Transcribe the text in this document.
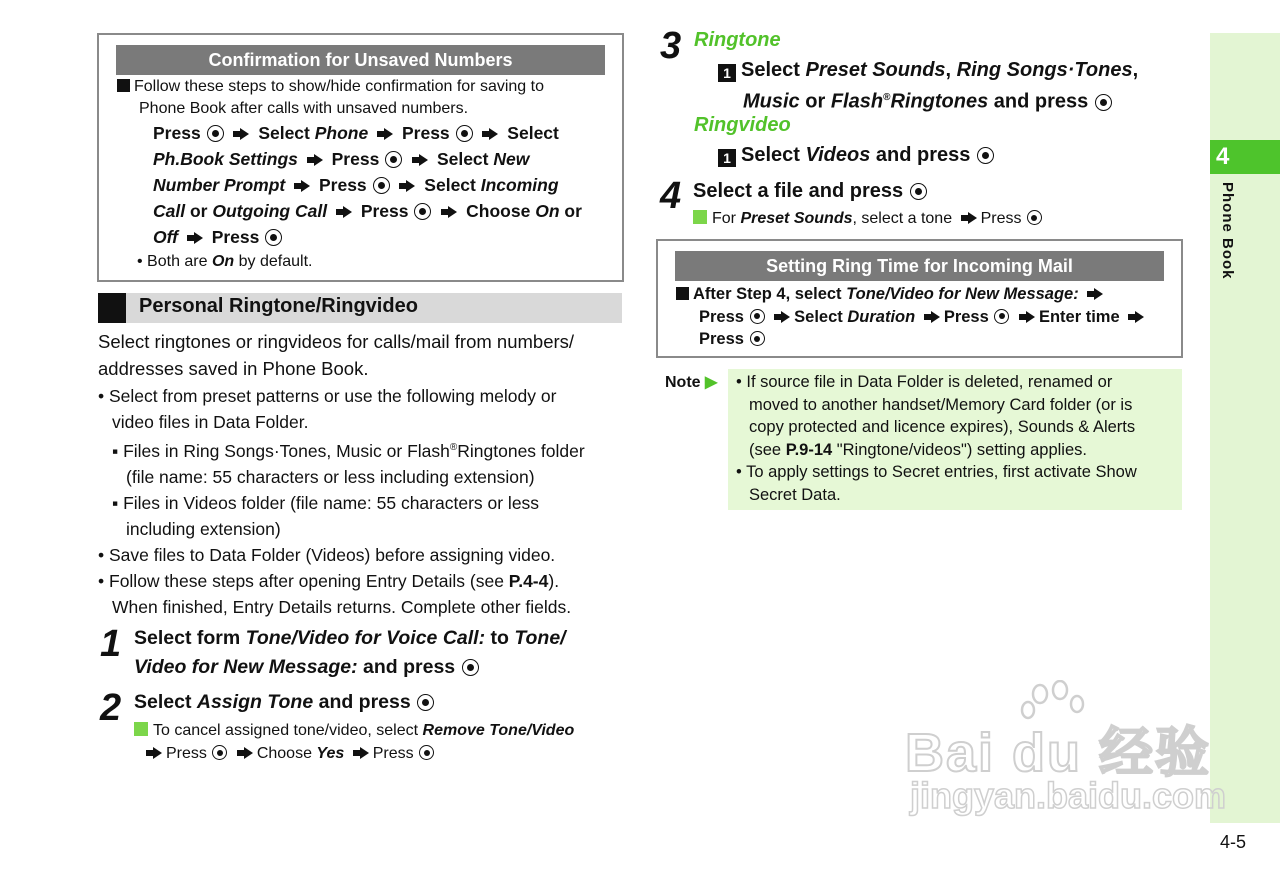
4
Phone Book
4-5
Confirmation for Unsaved Numbers
Follow these steps to show/hide confirmation for saving to
Phone Book after calls with unsaved numbers.
Press	Select Phone Press	Select
Ph.Book Settings Press	Select New
Number Prompt Press	Select Incoming
Call or Outgoing Call Press	Choose On or
Off Press
• Both are On by default.
Personal Ringtone/Ringvideo
Select ringtones or ringvideos for calls/mail from numbers/
addresses saved in Phone Book.
• Select from preset patterns or use the following melody or
video files in Data Folder.
▪ Files in Ring Songs·Tones, Music or Flash®Ringtones folder
(file name: 55 characters or less including extension)
▪ Files in Videos folder (file name: 55 characters or less
including extension)
• Save files to Data Folder (Videos) before assigning video.
• Follow these steps after opening Entry Details (see P.4-4).
When finished, Entry Details returns. Complete other fields.
1 Select form Tone/Video for Voice Call: to Tone/
Video for New Message: and press
2 Select Assign Tone and press
To cancel assigned tone/video, select Remove Tone/Video
Press	Choose Yes Press
3 Ringtone
1 Select Preset Sounds, Ring Songs·Tones,
Music or Flash®Ringtones and press
Ringvideo
1 Select Videos and press
4 Select a file and press
For Preset Sounds, select a tone Press
Setting Ring Time for Incoming Mail
After Step 4, select Tone/Video for New Message:
Press	Select Duration Press	Enter time
Press
Note ▶ • If source file in Data Folder is deleted, renamed or
moved to another handset/Memory Card folder (or is
copy protected and licence expires), Sounds & Alerts
(see P.9-14 "Ringtone/videos") setting applies.
• To apply settings to Secret entries, first activate Show
Secret Data.
Bai du 经验
jingyan.baidu.com
